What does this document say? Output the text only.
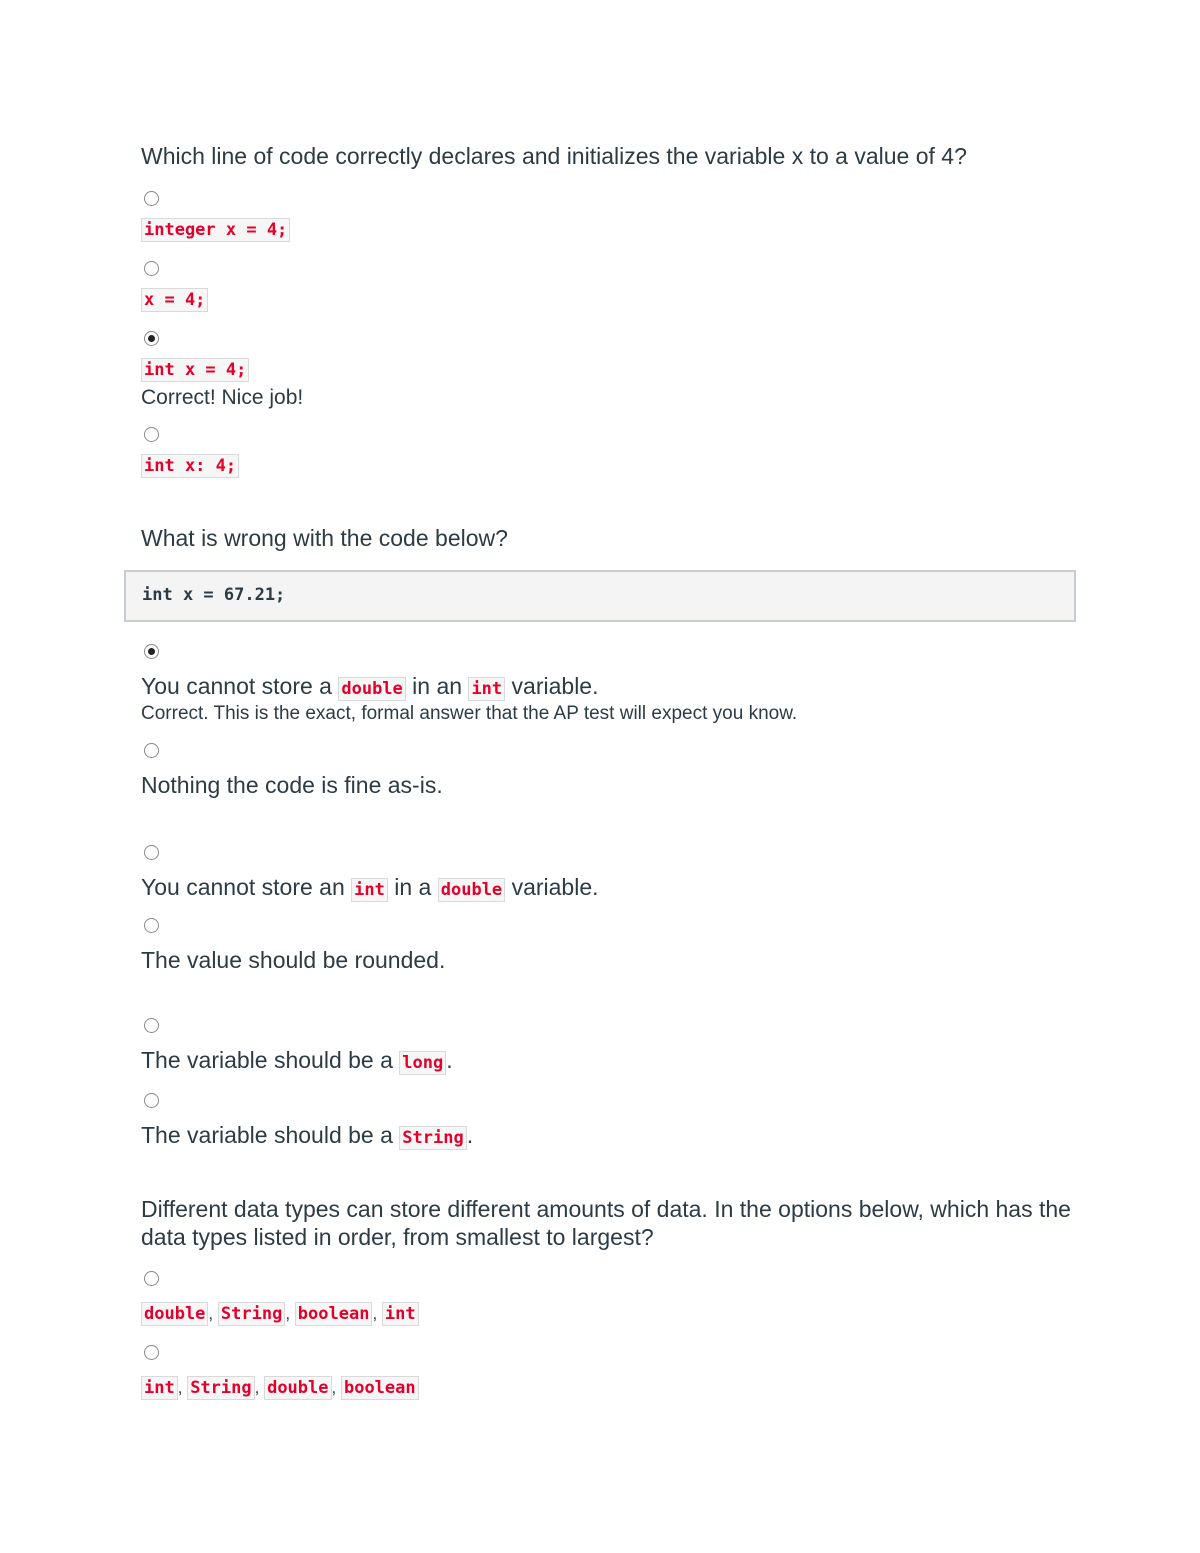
Which line of code correctly declares and initializes the variable x to a value of 4?
integer x = 4;
x = 4;
int x = 4;
Correct! Nice job!
int x: 4;
What is wrong with the code below?
int x = 67.21;
You cannot store a double in an int variable.
Correct. This is the exact, formal answer that the AP test will expect you know.
Nothing the code is fine as-is.
You cannot store an int in a double variable.
The value should be rounded.
The variable should be a long .
The variable should be a String .
Different data types can store different amounts of data. In the options below, which has the data types listed in order, from smallest to largest?
double , String , boolean , int
int , String , double , boolean
